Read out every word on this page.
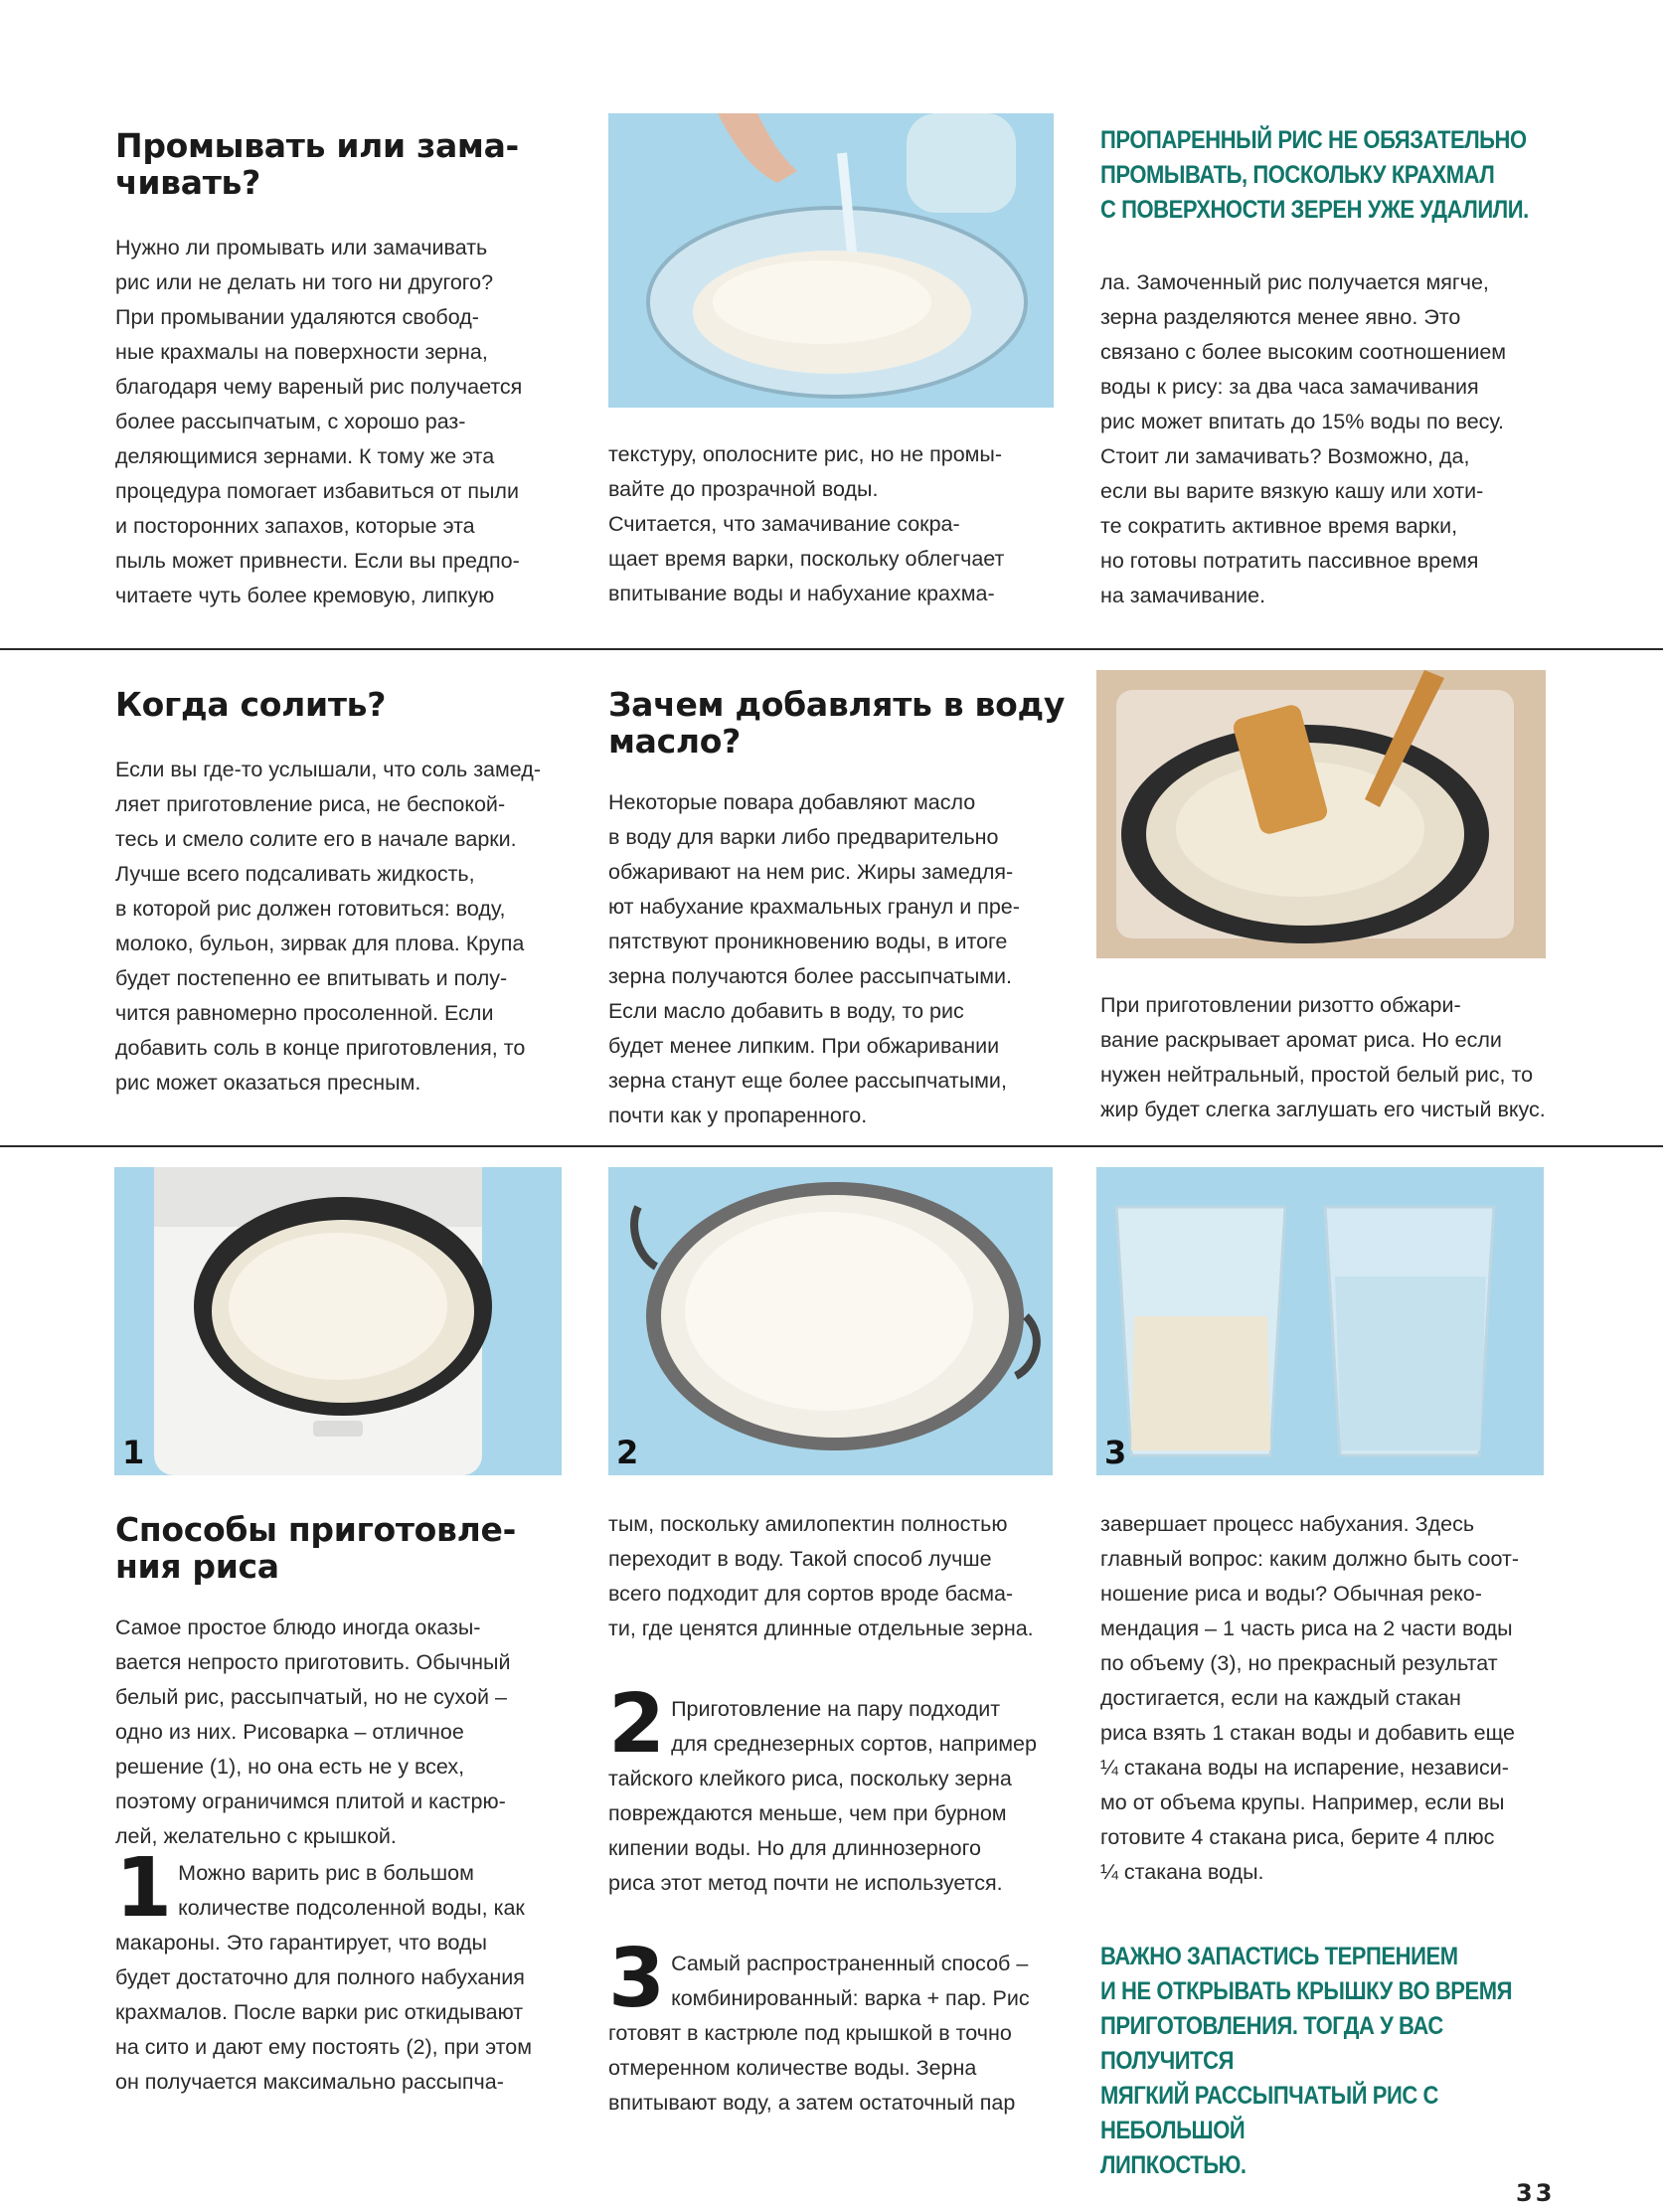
Промывать или зама-
чивать?

Нужно ли промывать или замачивать
рис или не делать ни того ни другого?
При промывании удаляются свобод-
ные крахмалы на поверхности зерна,
благодаря чему вареный рис получается
более рассыпчатым, с хорошо раз-
деляющимися зернами. К тому же эта
процедура помогает избавиться от пыли
и посторонних запахов, которые эта
пыль может привнести. Если вы предпо-
читаете чуть более кремовую, липкую

текстуру, ополосните рис, но не промы-
вайте до прозрачной воды.
Считается, что замачивание сокра-
щает время варки, поскольку облегчает
впитывание воды и набухание крахма-

ПРОПАРЕННЫЙ РИС НЕ ОБЯЗАТЕЛЬНО
ПРОМЫВАТЬ, ПОСКОЛЬКУ КРАХМАЛ
С ПОВЕРХНОСТИ ЗЕРЕН УЖЕ УДАЛИЛИ.

ла. Замоченный рис получается мягче,
зерна разделяются менее явно. Это
связано с более высоким соотношением
воды к рису: за два часа замачивания
рис может впитать до 15% воды по весу.
Стоит ли замачивать? Возможно, да,
если вы варите вязкую кашу или хоти-
те сократить активное время варки,
но готовы потратить пассивное время
на замачивание.

Когда солить?

Если вы где-то услышали, что соль замед-
ляет приготовление риса, не беспокой-
тесь и смело солите его в начале варки.
Лучше всего подсаливать жидкость,
в которой рис должен готовиться: воду,
молоко, бульон, зирвак для плова. Крупа
будет постепенно ее впитывать и полу-
чится равномерно просоленной. Если
добавить соль в конце приготовления, то
рис может оказаться пресным.

Зачем добавлять в воду
масло?

Некоторые повара добавляют масло
в воду для варки либо предварительно
обжаривают на нем рис. Жиры замедля-
ют набухание крахмальных гранул и пре-
пятствуют проникновению воды, в итоге
зерна получаются более рассыпчатыми.
Если масло добавить в воду, то рис
будет менее липким. При обжаривании
зерна станут еще более рассыпчатыми,
почти как у пропаренного.

При приготовлении ризотто обжари-
вание раскрывает аромат риса. Но если
нужен нейтральный, простой белый рис, то
жир будет слегка заглушать его чистый вкус.

1	2	3
Способы приготовле-
ния риса

Самое простое блюдо иногда оказы-
вается непросто приготовить. Обычный
белый рис, рассыпчатый, но не сухой –
одно из них. Рисоварка – отличное
решение (1), но она есть не у всех,
поэтому ограничимся плитой и кастрю-
лей, желательно с крышкой.

1 Можно варить рис в большом
количестве подсоленной воды, как
макароны. Это гарантирует, что воды
будет достаточно для полного набухания
крахмалов. После варки рис откидывают
на сито и дают ему постоять (2), при этом
он получается максимально рассыпча-

тым, поскольку амилопектин полностью
переходит в воду. Такой способ лучше
всего подходит для сортов вроде басма-
ти, где ценятся длинные отдельные зерна.

2 Приготовление на пару подходит
для среднезерных сортов, например
тайского клейкого риса, поскольку зерна
повреждаются меньше, чем при бурном
кипении воды. Но для длиннозерного
риса этот метод почти не используется.

3 Самый распространенный способ –
комбинированный: варка + пар. Рис
готовят в кастрюле под крышкой в точно
отмеренном количестве воды. Зерна
впитывают воду, а затем остаточный пар

завершает процесс набухания. Здесь
главный вопрос: каким должно быть соот-
ношение риса и воды? Обычная реко-
мендация – 1 часть риса на 2 части воды
по объему (3), но прекрасный результат
достигается, если на каждый стакан
риса взять 1 стакан воды и добавить еще
¼ стакана воды на испарение, независи-
мо от объема крупы. Например, если вы
готовите 4 стакана риса, берите 4 плюс
¼ стакана воды.

ВАЖНО ЗАПАСТИСЬ ТЕРПЕНИЕМ
И НЕ ОТКРЫВАТЬ КРЫШКУ ВО ВРЕМЯ
ПРИГОТОВЛЕНИЯ. ТОГДА У ВАС ПОЛУЧИТСЯ
МЯГКИЙ РАССЫПЧАТЫЙ РИС С НЕБОЛЬШОЙ
ЛИПКОСТЬЮ.
33
